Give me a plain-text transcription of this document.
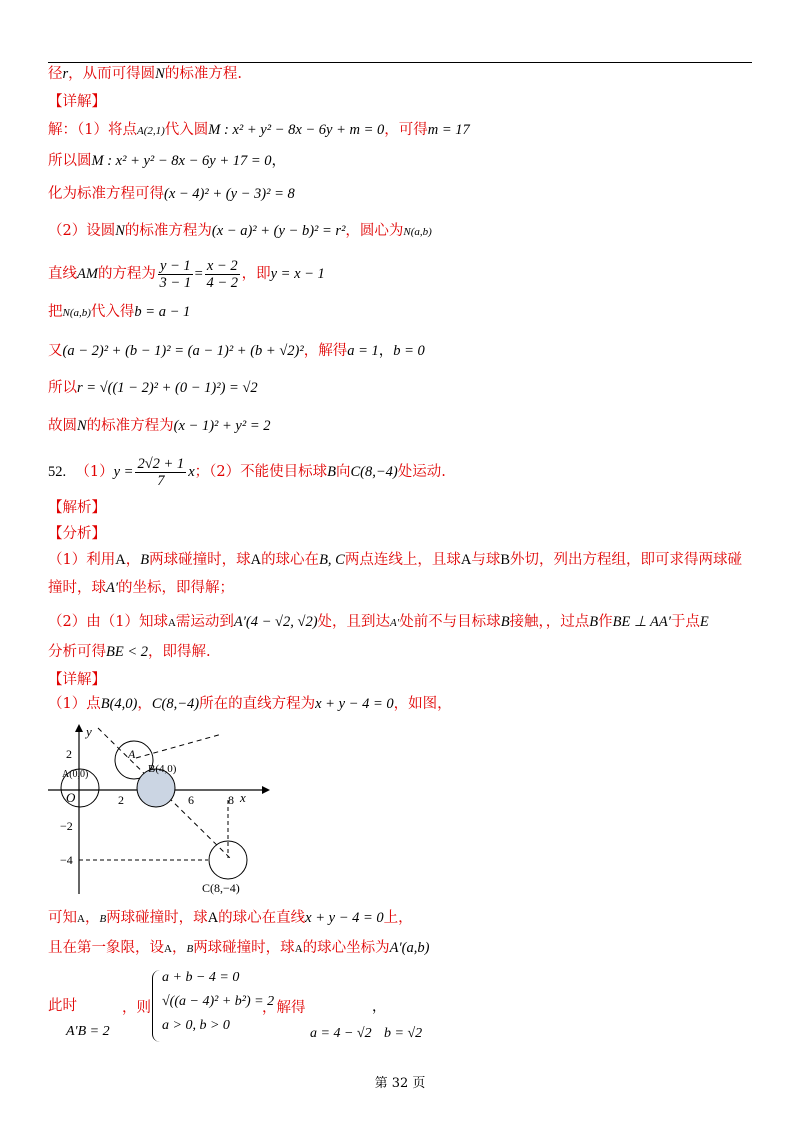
径r，从而可得圆N的标准方程.
【详解】
解：（1）将点A(2,1)代入圆M : x² + y² − 8x − 6y + m = 0，可得m = 17
所以圆M : x² + y² − 8x − 6y + 17 = 0，
化为标准方程可得(x − 4)² + (y − 3)² = 8
（2）设圆N的标准方程为(x − a)² + (y − b)² = r²，圆心为N(a,b)
直线AM的方程为 $\frac{y - 1}{3 - 1} = \frac{x - 2}{4 - 2}$ ，即y = x − 1
把N(a,b)代入得b = a − 1
又(a − 2)² + (b − 1)² = (a − 1)² + (b + √2)²，解得a = 1，b = 0
所以r = √((1 − 2)² + (0 − 1)²) = √2
故圆N的标准方程为(x − 1)² + y² = 2
52. $(1)y = \frac{2√2 + 1}{7}$ x；（2）不能使目标球B向C(8,−4)处运动.
【解析】
【分析】
（1）利用A，B两球碰撞时，球A的球心在B, C两点连线上，且球A与球B外切，列出方程组，即可求得两球碰
撞时，球A′的坐标，即得解；
（2）由（1）知球A需运动到A′(4 − √2, √2)处，且到达A′处前不与目标球B接触，，过点B作BE ⊥ AA′于点E
分析可得BE < 2，即得解.
【详解】
（1）点B(4,0)，C(8,−4)所在的直线方程为x + y − 4 = 0，如图，
y
x
2	6	8
2
−2
−4
O
A(0,0)
A
B(4,0)
C(8,−4)
可知A，B两球碰撞时，球A的球心在直线x + y − 4 = 0上，
且在第一象限，设A，B两球碰撞时，球A的球心坐标为A′(a,b)
此时	，则
A′B = 2
a + b − 4 = 0
√((a − 4)² + b²) = 2
a > 0, b > 0
，解得	，
a = 4 − √2 b = √2
第 32 页
